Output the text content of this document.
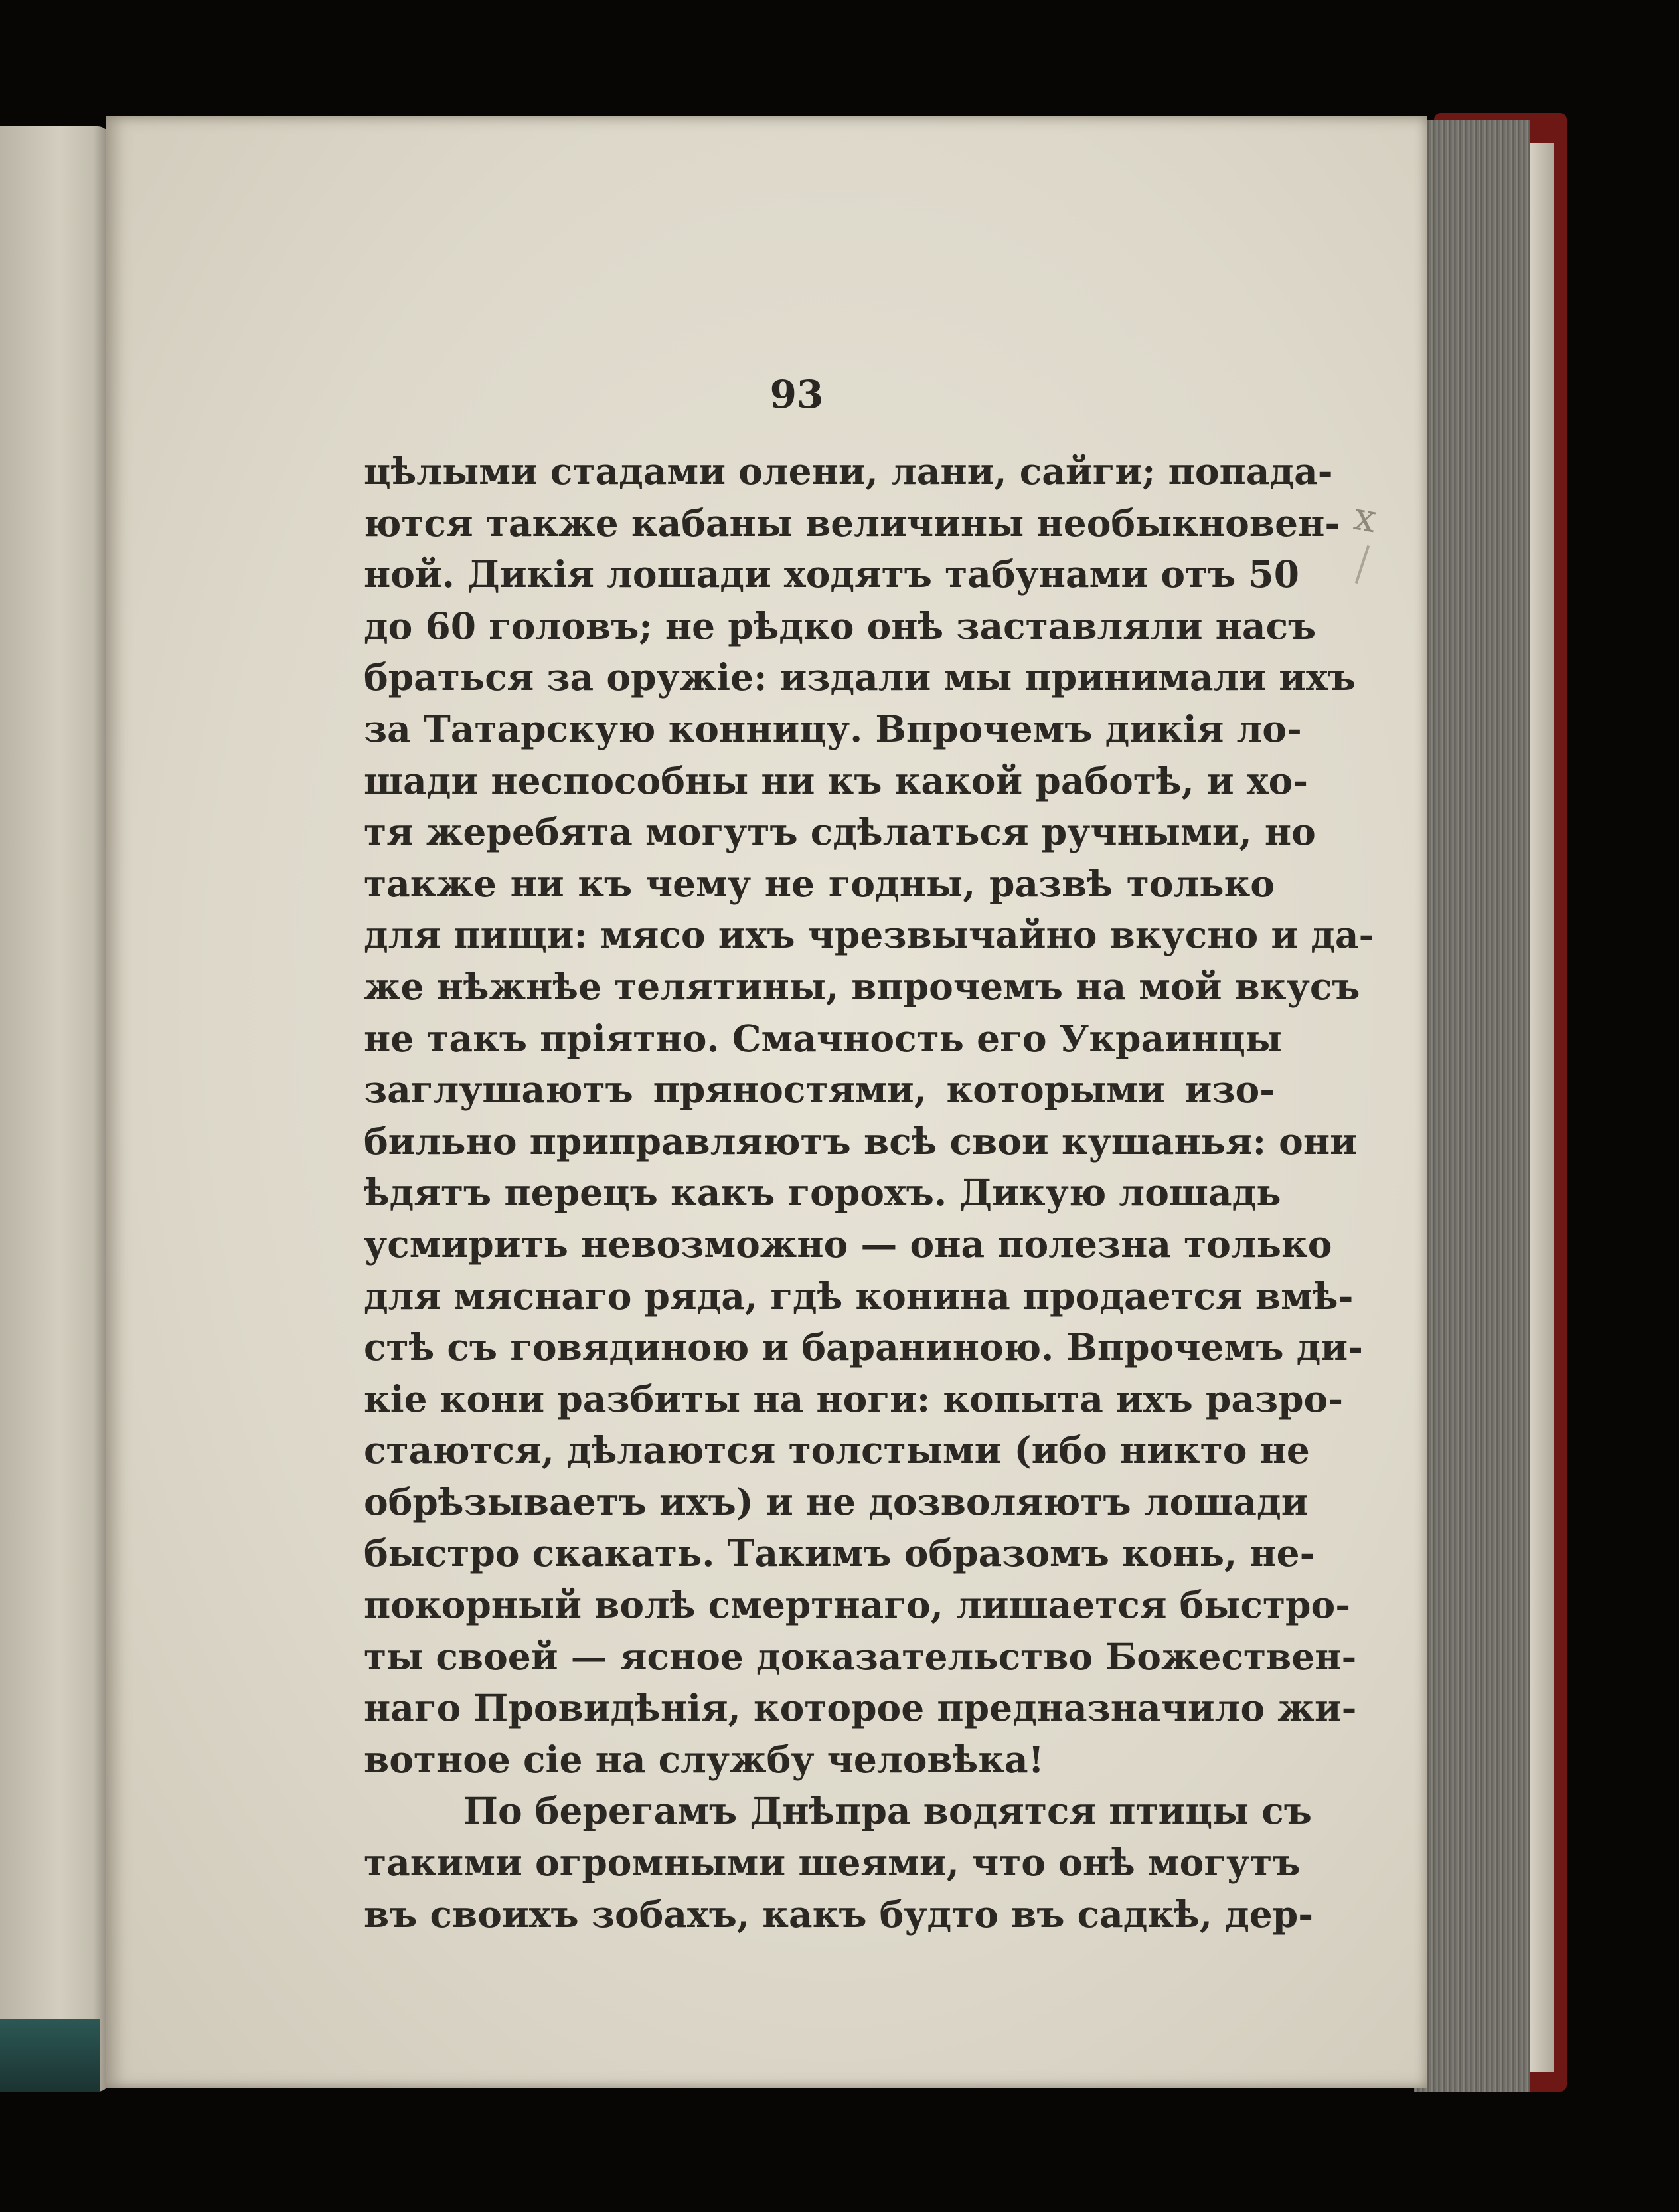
93
цѣлыми стадами олени, лани, сайги; попада-
ются также кабаны величины необыкновен-
ной. Дикія лошади ходятъ табунами отъ 50
до 60 головъ; не рѣдко онѣ заставляли насъ
браться за оружіе: издали мы принимали ихъ
за Татарскую конницу. Впрочемъ дикія ло-
шади неспособны ни къ какой работѣ, и хо-
тя жеребята могутъ сдѣлаться ручными, но
также ни къ чему не годны, развѣ только
для пищи: мясо ихъ чрезвычайно вкусно и да-
же нѣжнѣе телятины, впрочемъ на мой вкусъ
не такъ пріятно. Смачность его Украинцы
заглушаютъ пряностями, которыми изо-
бильно приправляютъ всѣ свои кушанья: они
ѣдятъ перецъ какъ горохъ. Дикую лошадь
усмирить невозможно — она полезна только
для мяснаго ряда, гдѣ конина продается вмѣ-
стѣ съ говядиною и бараниною. Впрочемъ ди-
кіе кони разбиты на ноги: копыта ихъ разро-
стаются, дѣлаются толстыми (ибо никто не
обрѣзываетъ ихъ) и не дозволяютъ лошади
быстро скакать. Такимъ образомъ конь, не-
покорный волѣ смертнаго, лишается быстро-
ты своей — ясное доказательство Божествен-
наго Провидѣнія, которое предназначило жи-
вотное сіе на службу человѣка!
По берегамъ Днѣпра водятся птицы съ
такими огромными шеями, что онѣ могутъ
въ своихъ зобахъ, какъ будто въ садкѣ, дер-
x
